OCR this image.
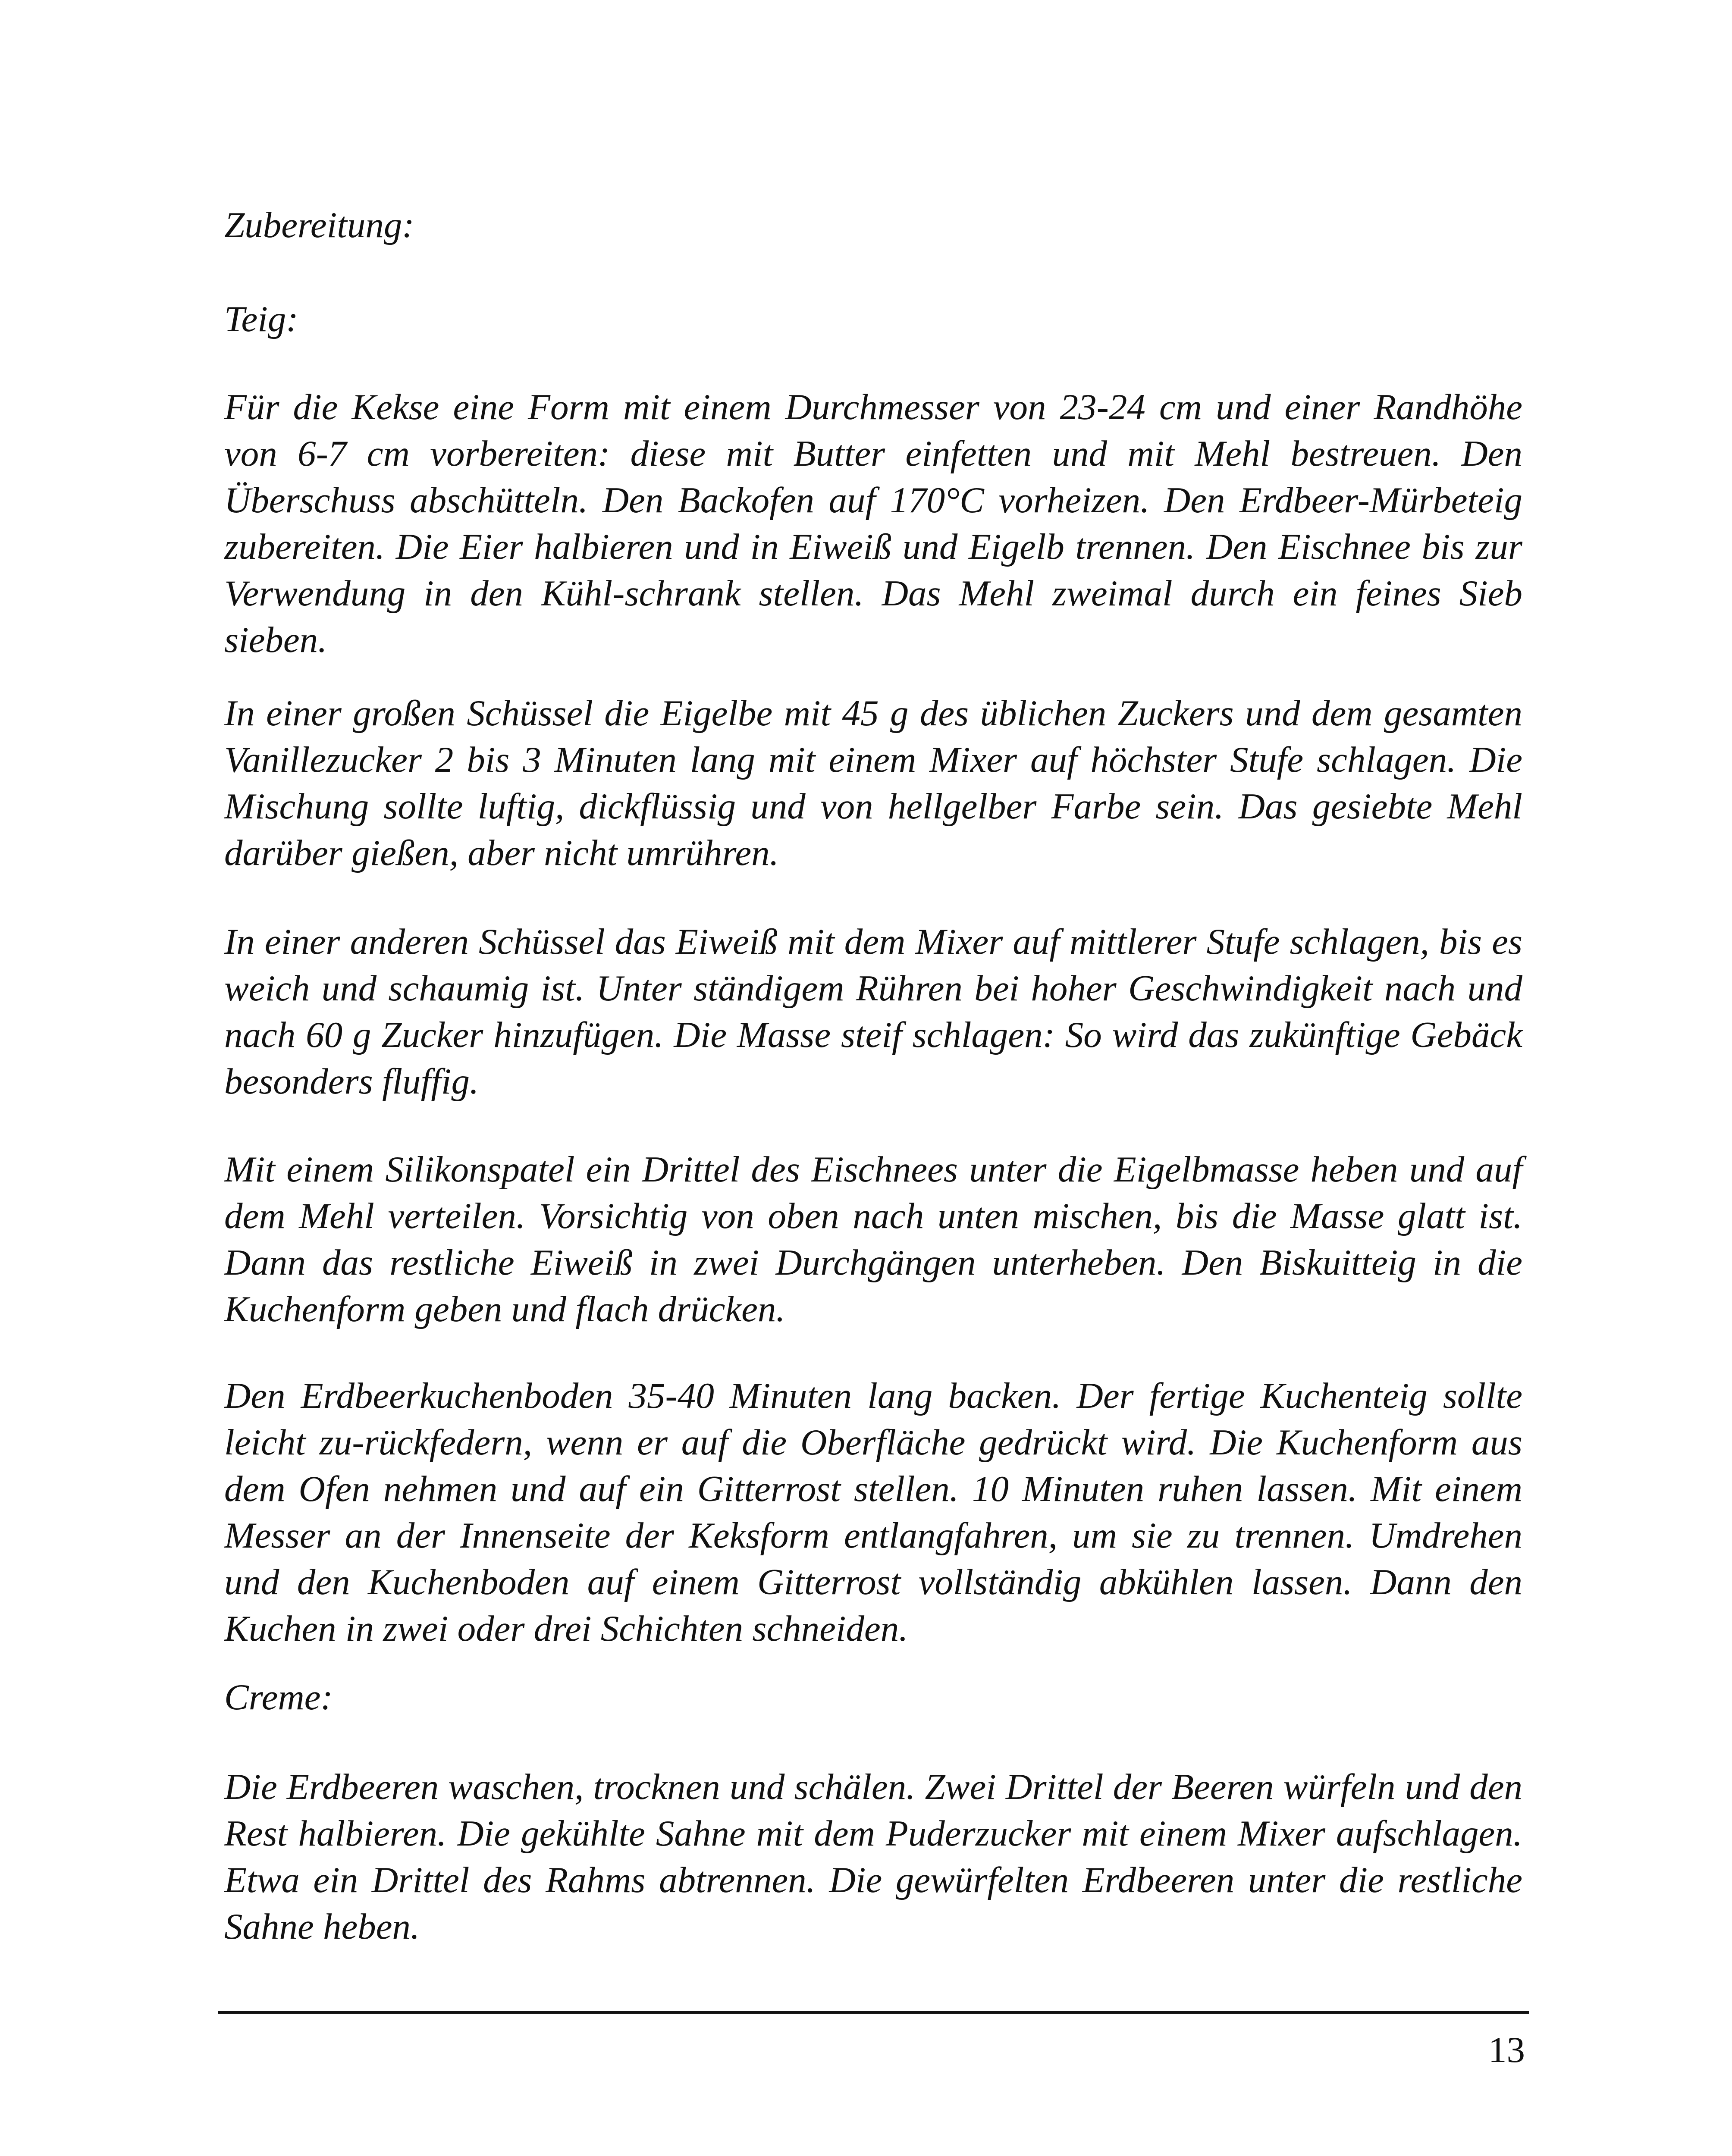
Zubereitung:

Teig:

Für die Kekse eine Form mit einem Durchmesser von 23-24 cm und einer Randhöhe von 6-7 cm vorbereiten: diese mit Butter einfetten und mit Mehl bestreuen. Den Überschuss abschütteln. Den Backofen auf 170°C vorheizen. Den Erdbeer-Mürbeteig zubereiten. Die Eier halbieren und in Eiweiß und Eigelb trennen. Den Eischnee bis zur Verwendung in den Kühl-schrank stellen. Das Mehl zweimal durch ein feines Sieb sieben.

In einer großen Schüssel die Eigelbe mit 45 g des üblichen Zuckers und dem gesamten Vanillezucker 2 bis 3 Minuten lang mit einem Mixer auf höchster Stufe schlagen. Die Mischung sollte luftig, dickflüssig und von hellgelber Farbe sein. Das gesiebte Mehl darüber gießen, aber nicht umrühren.

In einer anderen Schüssel das Eiweiß mit dem Mixer auf mittlerer Stufe schlagen, bis es weich und schaumig ist. Unter ständigem Rühren bei hoher Geschwindigkeit nach und nach 60 g Zucker hinzufügen. Die Masse steif schlagen: So wird das zukünftige Gebäck besonders fluffig.

Mit einem Silikonspatel ein Drittel des Eischnees unter die Eigelbmasse heben und auf dem Mehl verteilen. Vorsichtig von oben nach unten mischen, bis die Masse glatt ist. Dann das restliche Eiweiß in zwei Durchgängen unterheben. Den Biskuitteig in die Kuchenform geben und flach drücken.

Den Erdbeerkuchenboden 35-40 Minuten lang backen. Der fertige Kuchenteig sollte leicht zu-rückfedern, wenn er auf die Oberfläche gedrückt wird. Die Kuchenform aus dem Ofen nehmen und auf ein Gitterrost stellen. 10 Minuten ruhen lassen. Mit einem Messer an der Innenseite der Keksform entlangfahren, um sie zu trennen. Umdrehen und den Kuchenboden auf einem Gitterrost vollständig abkühlen lassen. Dann den Kuchen in zwei oder drei Schichten schneiden.

Creme:

Die Erdbeeren waschen, trocknen und schälen. Zwei Drittel der Beeren würfeln und den Rest halbieren. Die gekühlte Sahne mit dem Puderzucker mit einem Mixer aufschlagen. Etwa ein Drittel des Rahms abtrennen. Die gewürfelten Erdbeeren unter die restliche Sahne heben.

13
